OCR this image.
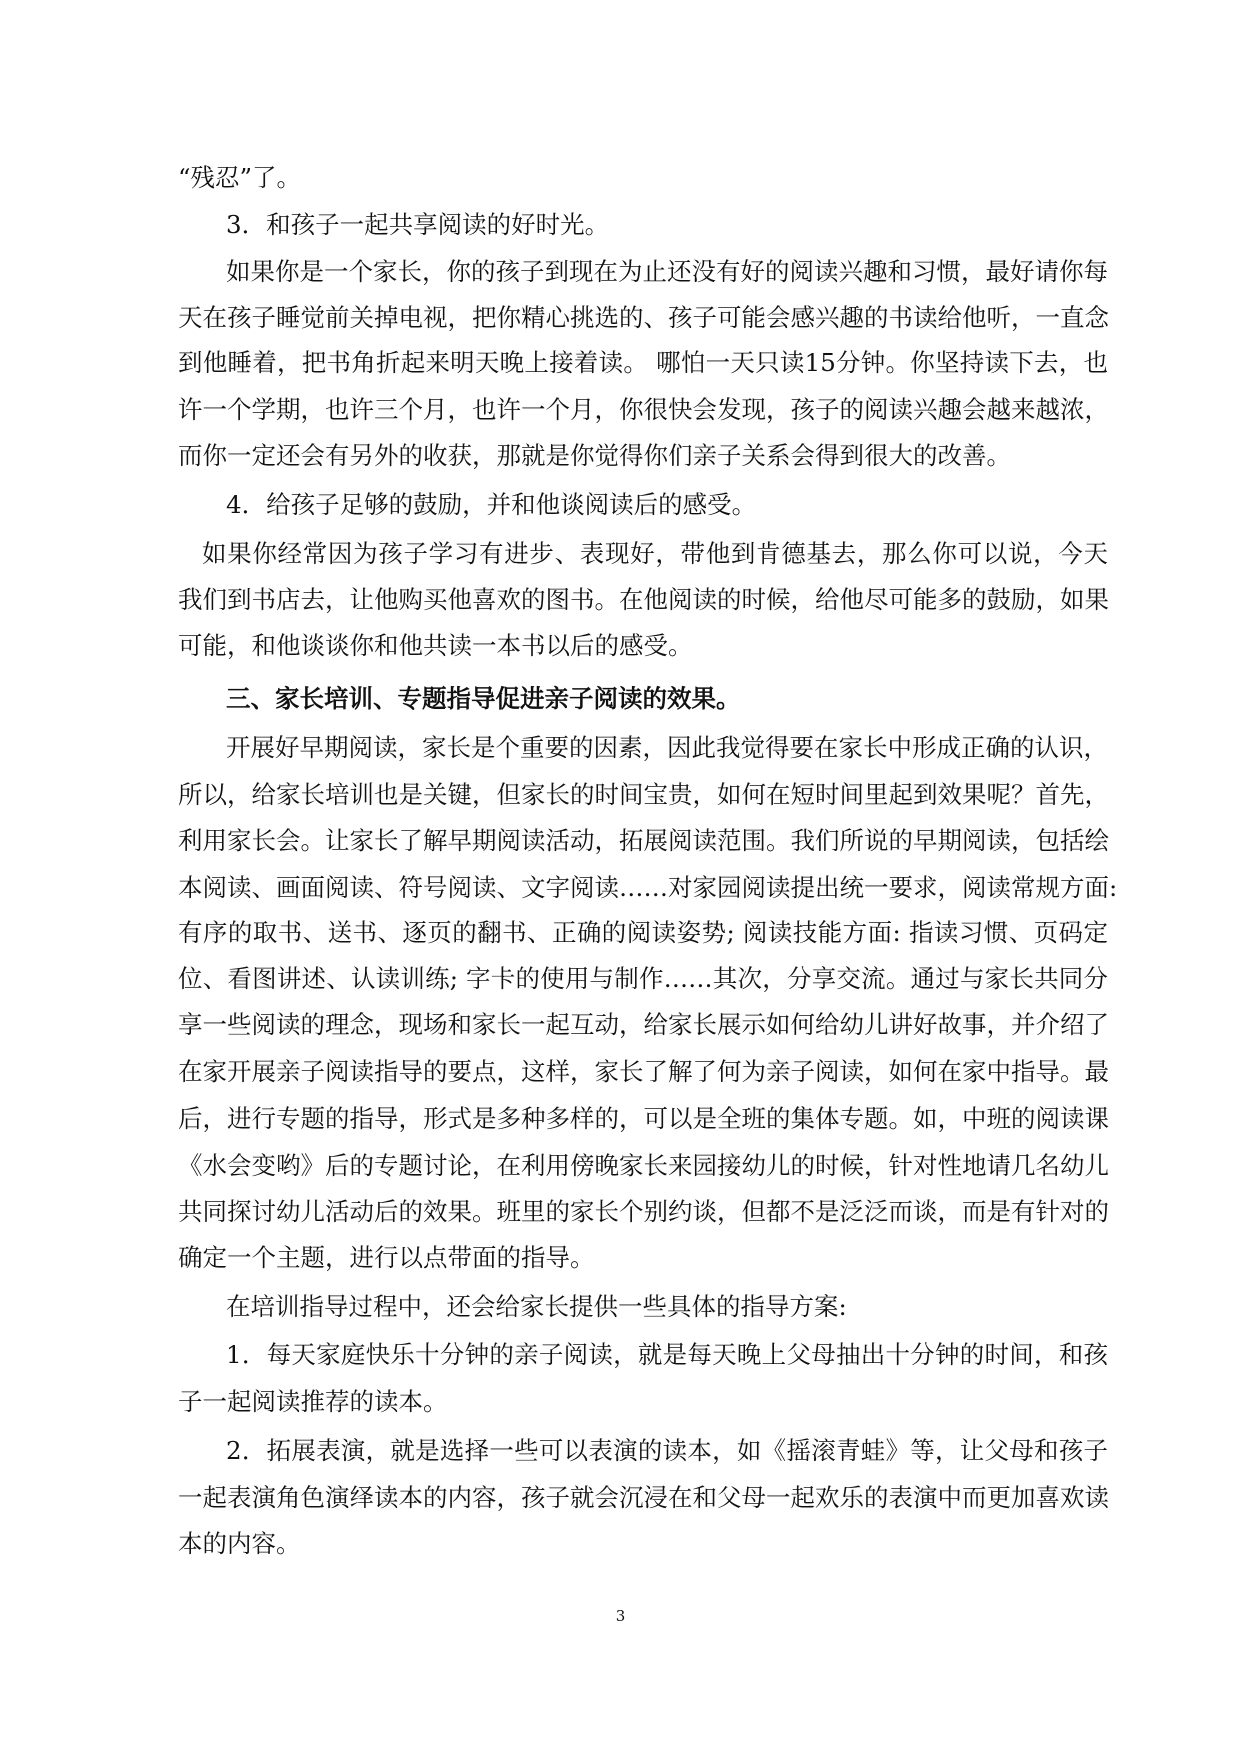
“残忍”了。
3．和孩子一起共享阅读的好时光。
如果你是一个家长，你的孩子到现在为止还没有好的阅读兴趣和习惯，最好请你每
天在孩子睡觉前关掉电视，把你精心挑选的、孩子可能会感兴趣的书读给他听，一直念
到他睡着，把书角折起来明天晚上接着读。 哪怕一天只读15分钟。你坚持读下去，也
许一个学期，也许三个月，也许一个月，你很快会发现，孩子的阅读兴趣会越来越浓，
而你一定还会有另外的收获，那就是你觉得你们亲子关系会得到很大的改善。
4．给孩子足够的鼓励，并和他谈阅读后的感受。
如果你经常因为孩子学习有进步、表现好，带他到肯德基去，那么你可以说，今天
我们到书店去，让他购买他喜欢的图书。在他阅读的时候，给他尽可能多的鼓励，如果
可能，和他谈谈你和他共读一本书以后的感受。
三、家长培训、专题指导促进亲子阅读的效果。
开展好早期阅读，家长是个重要的因素，因此我觉得要在家长中形成正确的认识，
所以，给家长培训也是关键，但家长的时间宝贵，如何在短时间里起到效果呢？首先，
利用家长会。让家长了解早期阅读活动，拓展阅读范围。我们所说的早期阅读，包括绘
本阅读、画面阅读、符号阅读、文字阅读……对家园阅读提出统一要求，阅读常规方面:
有序的取书、送书、逐页的翻书、正确的阅读姿势; 阅读技能方面: 指读习惯、页码定
位、看图讲述、认读训练; 字卡的使用与制作……其次，分享交流。通过与家长共同分
享一些阅读的理念，现场和家长一起互动，给家长展示如何给幼儿讲好故事，并介绍了
在家开展亲子阅读指导的要点，这样，家长了解了何为亲子阅读，如何在家中指导。最
后，进行专题的指导，形式是多种多样的，可以是全班的集体专题。如，中班的阅读课
《水会变哟》后的专题讨论，在利用傍晚家长来园接幼儿的时候，针对性地请几名幼儿
共同探讨幼儿活动后的效果。班里的家长个别约谈，但都不是泛泛而谈，而是有针对的
确定一个主题，进行以点带面的指导。
在培训指导过程中，还会给家长提供一些具体的指导方案:
1．每天家庭快乐十分钟的亲子阅读，就是每天晚上父母抽出十分钟的时间，和孩
子一起阅读推荐的读本。
2．拓展表演，就是选择一些可以表演的读本，如《摇滚青蛙》等，让父母和孩子
一起表演角色演绎读本的内容，孩子就会沉浸在和父母一起欢乐的表演中而更加喜欢读
本的内容。
3
